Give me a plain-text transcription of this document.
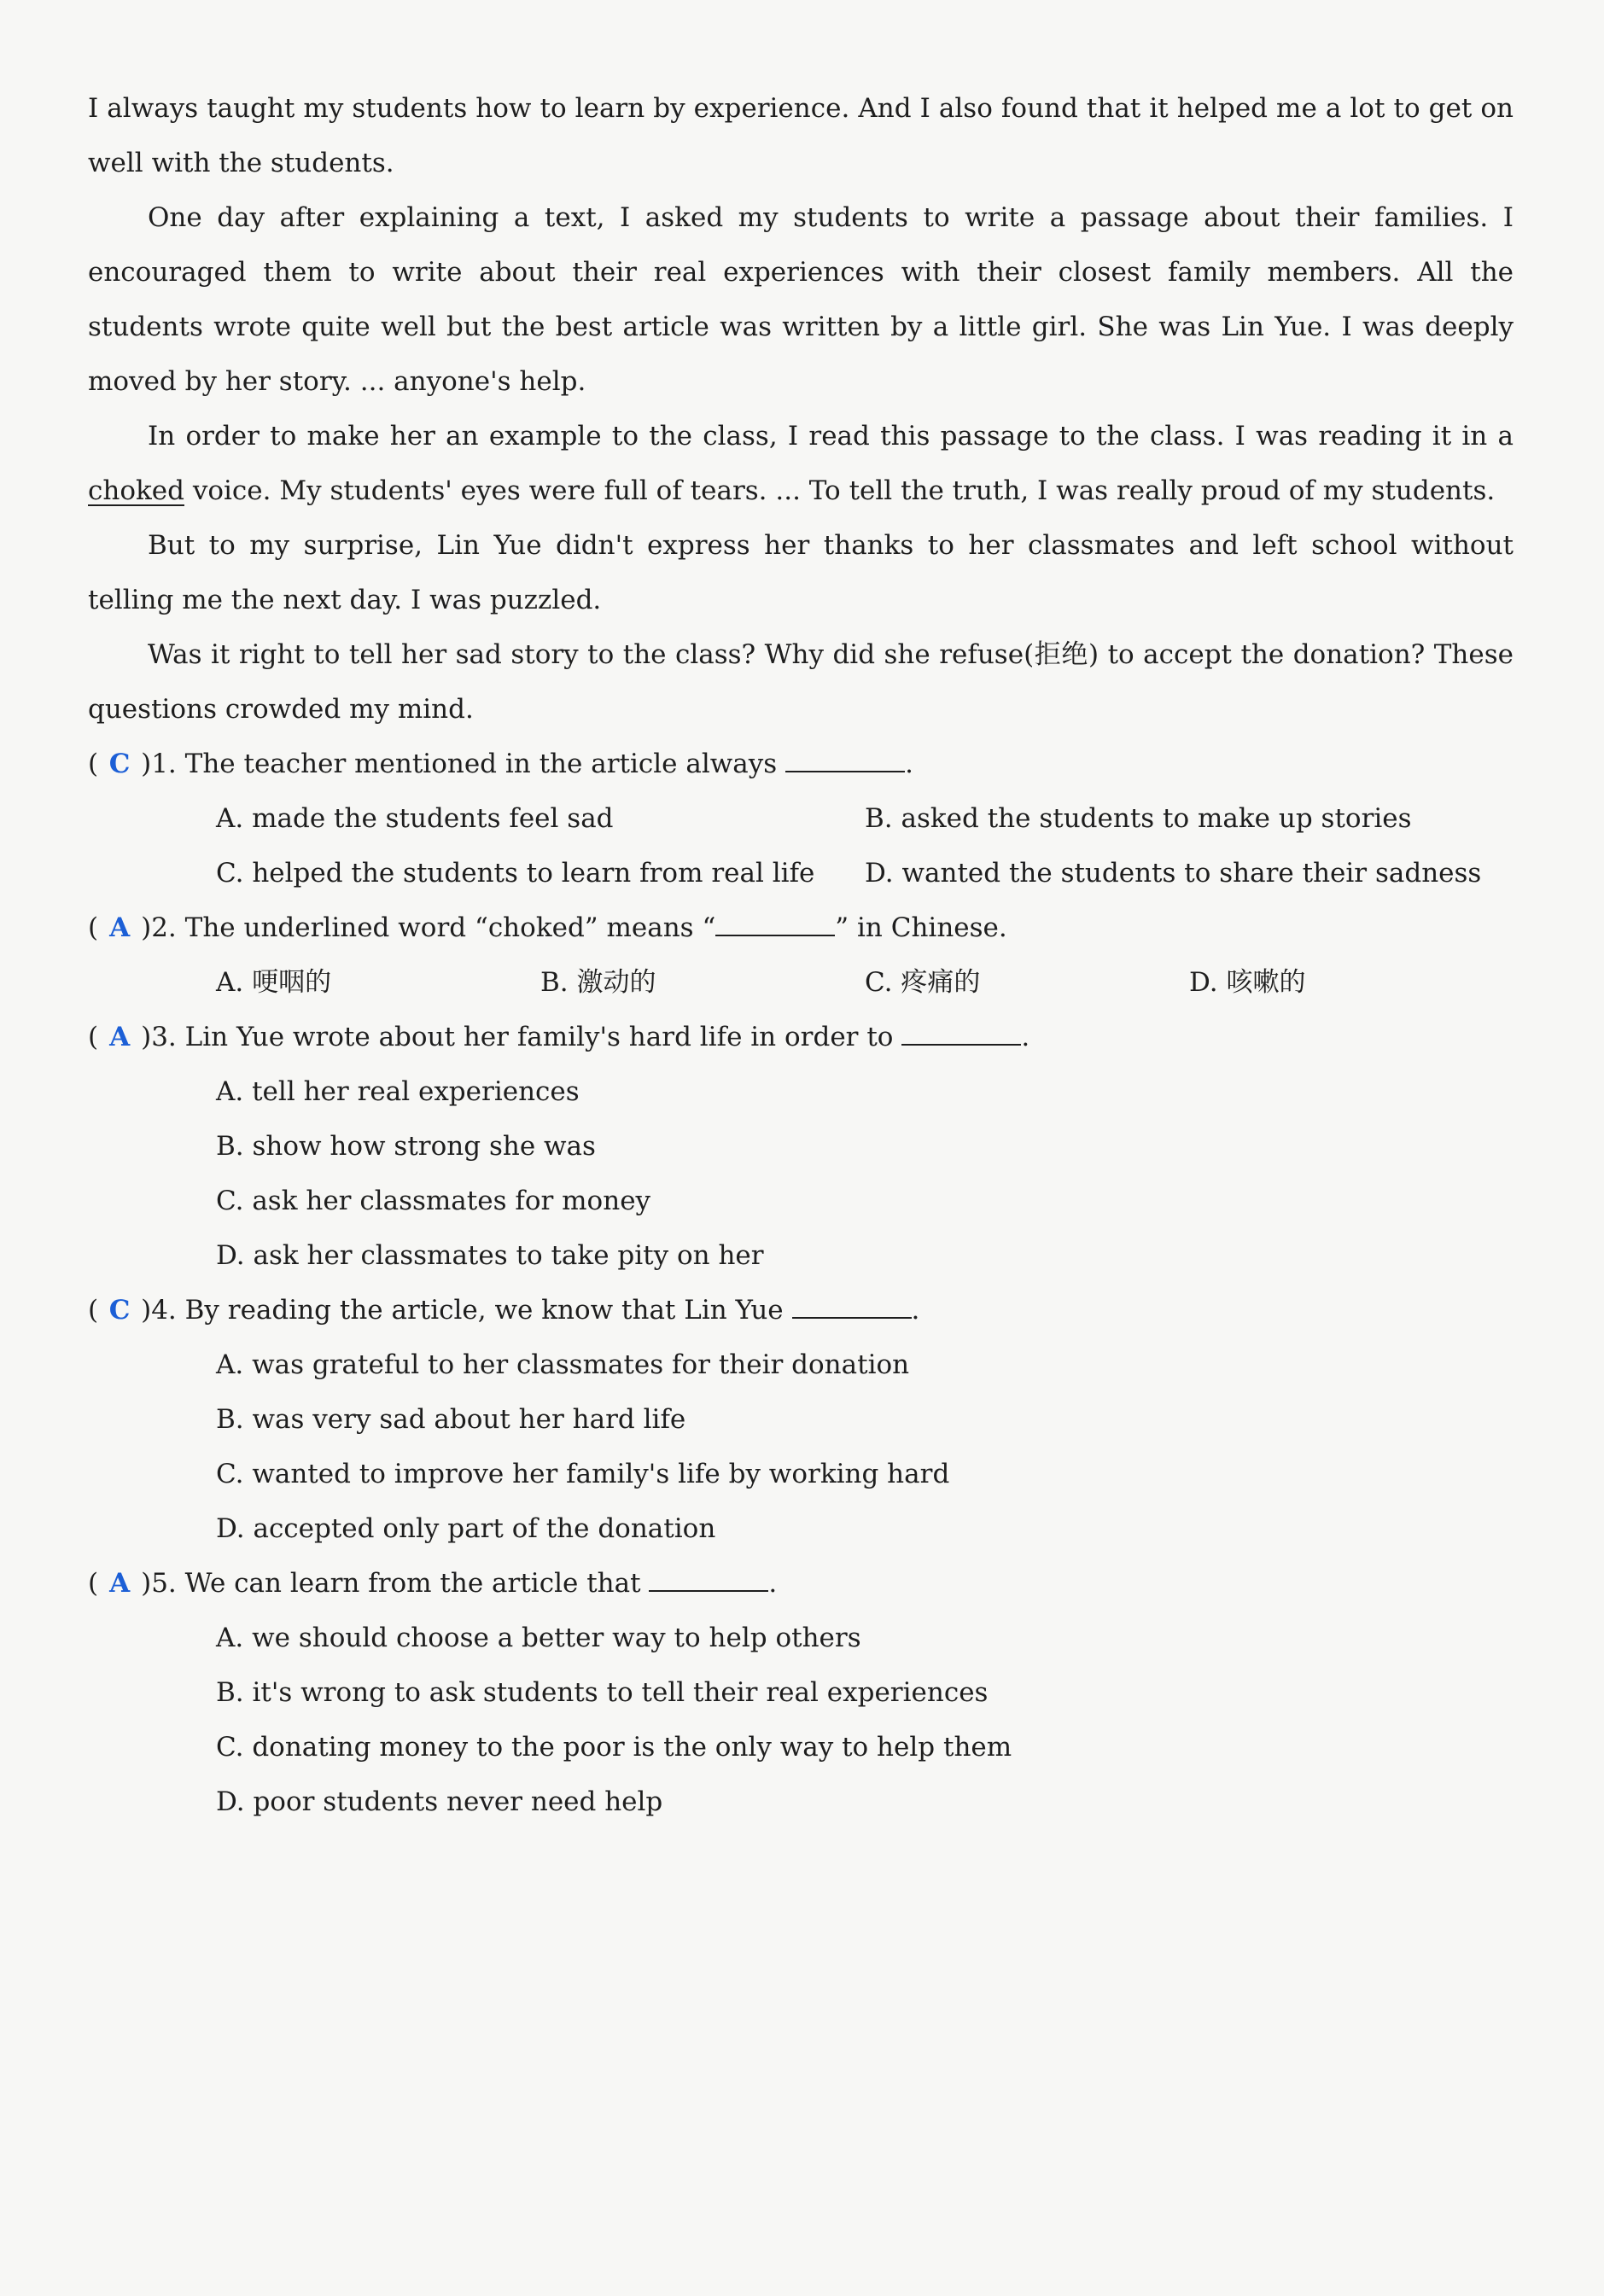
I always taught my students how to learn by experience. And I also found that it helped me a lot to get on well with the students.
One day after explaining a text, I asked my students to write a passage about their families. I encouraged them to write about their real experiences with their closest family members. All the students wrote quite well but the best article was written by a little girl. She was Lin Yue. I was deeply moved by her story. ... anyone's help.
In order to make her an example to the class, I read this passage to the class. I was reading it in a choked voice. My students' eyes were full of tears. ... To tell the truth, I was really proud of my students.
But to my surprise, Lin Yue didn't express her thanks to her classmates and left school without telling me the next day. I was puzzled.
Was it right to tell her sad story to the class? Why did she refuse(拒绝) to accept the donation? These questions crowded my mind.
( C )1. The teacher mentioned in the article always	.
A. made the students feel sad	B. asked the students to make up stories
C. helped the students to learn from real life	D. wanted the students to share their sadness
( A )2. The underlined word “choked” means “	” in Chinese.
A. 哽咽的	B. 激动的	C. 疼痛的	D. 咳嗽的
( A )3. Lin Yue wrote about her family's hard life in order to	.
A. tell her real experiences
B. show how strong she was
C. ask her classmates for money
D. ask her classmates to take pity on her
( C )4. By reading the article, we know that Lin Yue	.
A. was grateful to her classmates for their donation
B. was very sad about her hard life
C. wanted to improve her family's life by working hard
D. accepted only part of the donation
( A )5. We can learn from the article that	.
A. we should choose a better way to help others
B. it's wrong to ask students to tell their real experiences
C. donating money to the poor is the only way to help them
D. poor students never need help
